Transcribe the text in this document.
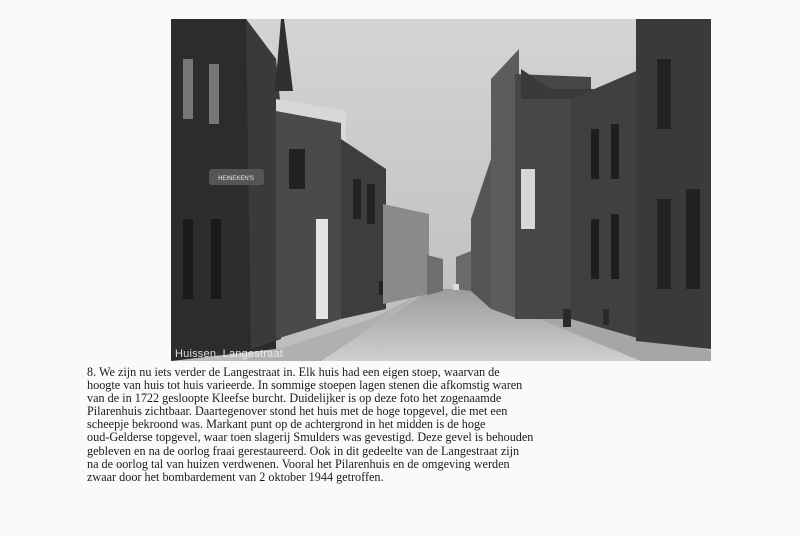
HEINEKEN'S
Huissen, Langestraat
8. We zijn nu iets verder de Langestraat in. Elk huis had een eigen stoep, waarvan de
hoogte van huis tot huis varieerde. In sommige stoepen lagen stenen die afkomstig waren
van de in 1722 gesloopte Kleefse burcht. Duidelijker is op deze foto het zogenaamde
Pilarenhuis zichtbaar. Daartegenover stond het huis met de hoge topgevel, die met een
scheepje bekroond was. Markant punt op de achtergrond in het midden is de hoge
oud-Gelderse topgevel, waar toen slagerij Smulders was gevestigd. Deze gevel is behouden
gebleven en na de oorlog fraai gerestaureerd. Ook in dit gedeelte van de Langestraat zijn
na de oorlog tal van huizen verdwenen. Vooral het Pilarenhuis en de omgeving werden
zwaar door het bombardement van 2 oktober 1944 getroffen.
